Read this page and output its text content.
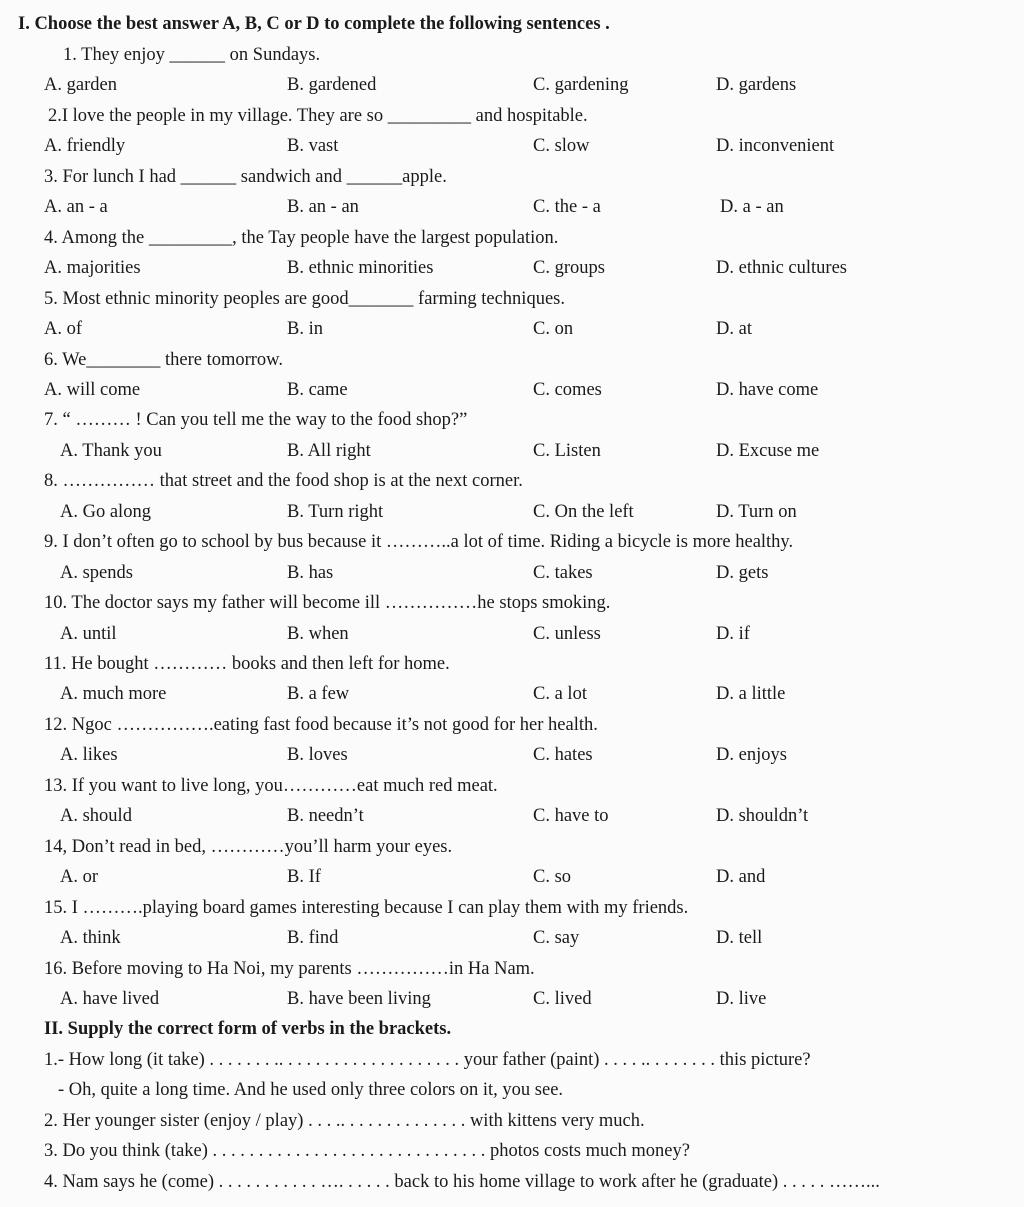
I. Choose the best answer A, B, C or D to complete the following sentences .
1. They enjoy ______ on Sundays.
A. garden	B. gardened	C. gardening	D. gardens
2.I love the people in my village. They are so _________ and hospitable.
A. friendly	B. vast	C. slow	D. inconvenient
3. For lunch I had ______ sandwich and ______apple.
A. an - a	B. an - an	C. the - a	D. a - an
4. Among the _________, the Tay people have the largest population.
A. majorities	B. ethnic minorities	C. groups	D. ethnic cultures
5. Most ethnic minority peoples are good_______ farming techniques.
A. of	B. in	C. on	D. at
6. We________ there tomorrow.
A. will come	B. came	C. comes	D. have come
7. “ ……… ! Can you tell me the way to the food shop?”
A. Thank you	B. All right	C. Listen	D. Excuse me
8. …………… that street and the food shop is at the next corner.
A. Go along	B. Turn right	C. On the left	D. Turn on
9. I don’t often go to school by bus because it ………..a lot of time. Riding a bicycle is more healthy.
A. spends	B. has	C. takes	D. gets
10. The doctor says my father will become ill ……………he stops smoking.
A. until	B. when	C. unless	D. if
11. He bought ………… books and then left for home.
A. much more	B. a few	C. a lot	D. a little
12. Ngoc …………….eating fast food because it’s not good for her health.
A. likes	B. loves	C. hates	D. enjoys
13. If you want to live long, you…………eat much red meat.
A. should	B. needn’t	C. have to	D. shouldn’t
14, Don’t read in bed, …………you’ll harm your eyes.
A. or	B. If	C. so	D. and
15. I ……….playing board games interesting because I can play them with my friends.
A. think	B. find	C. say	D. tell
16. Before moving to Ha Noi, my parents ……………in Ha Nam.
A. have lived	B. have been living	C. lived	D. live
II. Supply the correct form of verbs in the brackets.
1.- How long (it take) . . . . . . . .. . . . . . . . . . . . . . . . . . . . your father (paint) . . . . .. . . . . . . . this picture?
- Oh, quite a long time. And he used only three colors on it, you see.
2. Her younger sister (enjoy / play) . . . .. . . . . . . . . . . . . . with kittens very much.
3. Do you think (take) . . . . . . . . . . . . . . . . . . . . . . . . . . . . . . photos costs much money?
4. Nam says he (come) . . . . . . . . . . . …. . . . . . back to his home village to work after he (graduate) . . . . . ……...
